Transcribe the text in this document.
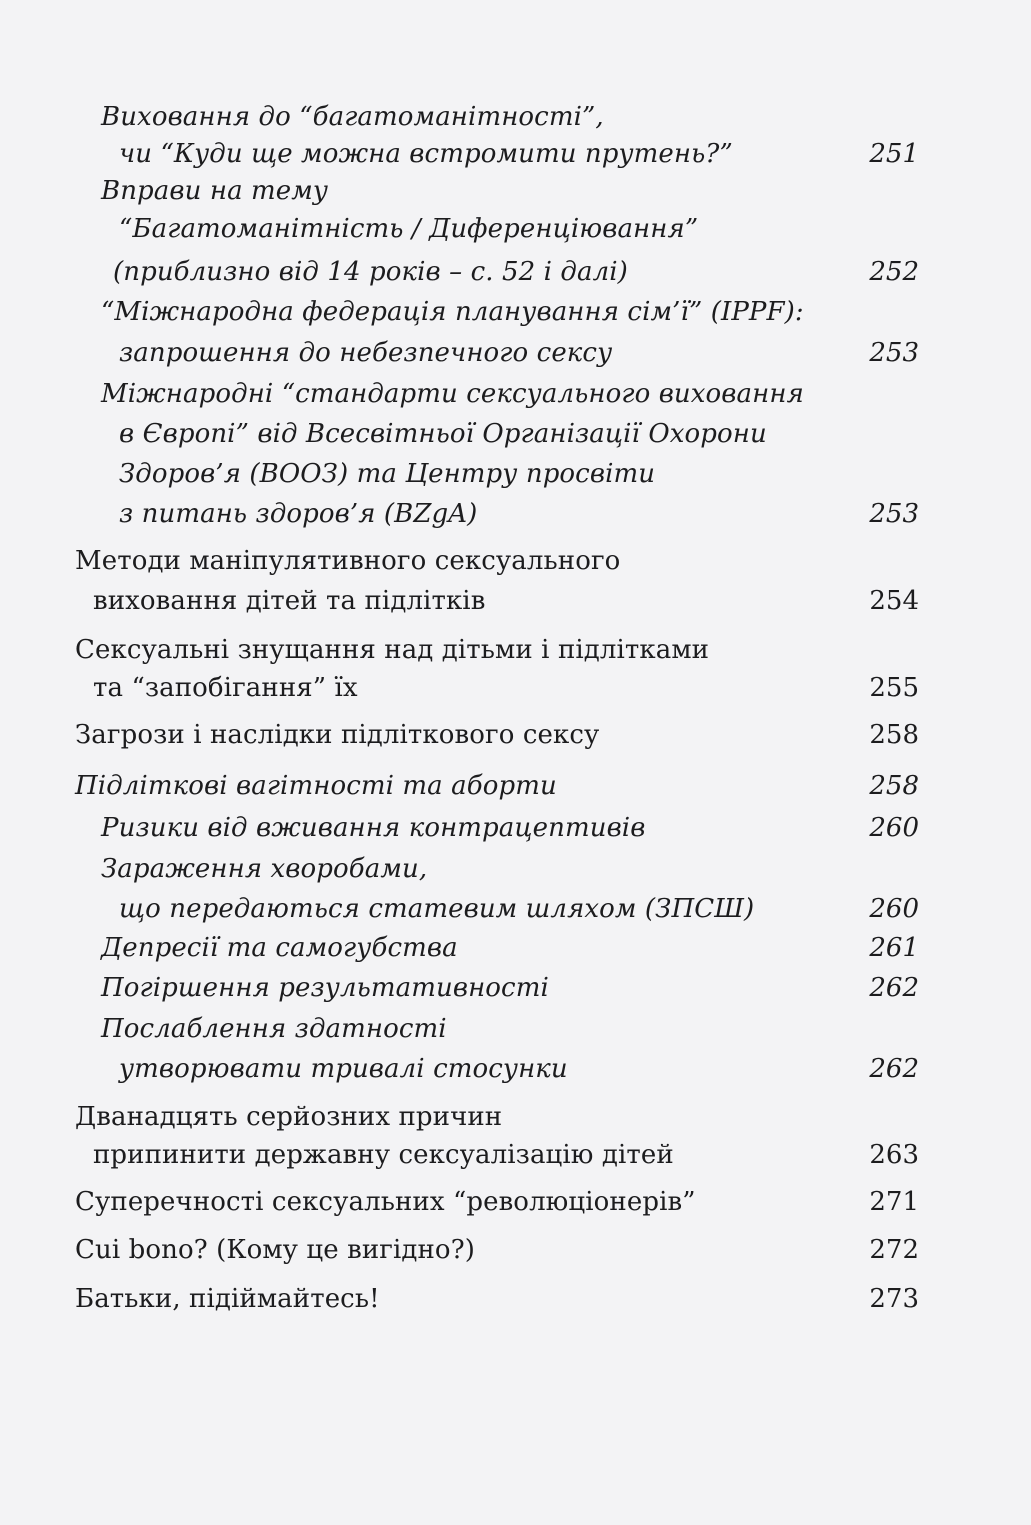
Виховання до “багатоманітності”,
чи “Куди ще можна встромити прутень?”	251
Вправи на тему
“Багатоманітність / Диференціювання”
(приблизно від 14 років – с. 52 і далі)	252
“Міжнародна федерація планування сім’ї” (IPPF):
запрошення до небезпечного сексу	253
Міжнародні “стандарти сексуального виховання
в Європі” від Всесвітньої Організації Охорони
Здоров’я (ВООЗ) та Центру просвіти
з питань здоров’я (BZgA)	253
Методи маніпулятивного сексуального
виховання дітей та підлітків	254
Сексуальні знущання над дітьми і підлітками
та “запобігання” їх	255
Загрози і наслідки підліткового сексу	258
Підліткові вагітності та аборти	258
Ризики від вживання контрацептивів	260
Зараження хворобами,
що передаються статевим шляхом (ЗПСШ)	260
Депресії та самогубства	261
Погіршення результативності	262
Послаблення здатності
утворювати тривалі стосунки	262
Дванадцять серйозних причин
припинити державну сексуалізацію дітей	263
Суперечності сексуальних “революціонерів”	271
Cui bono? (Кому це вигідно?)	272
Батьки, підіймайтесь!	273
